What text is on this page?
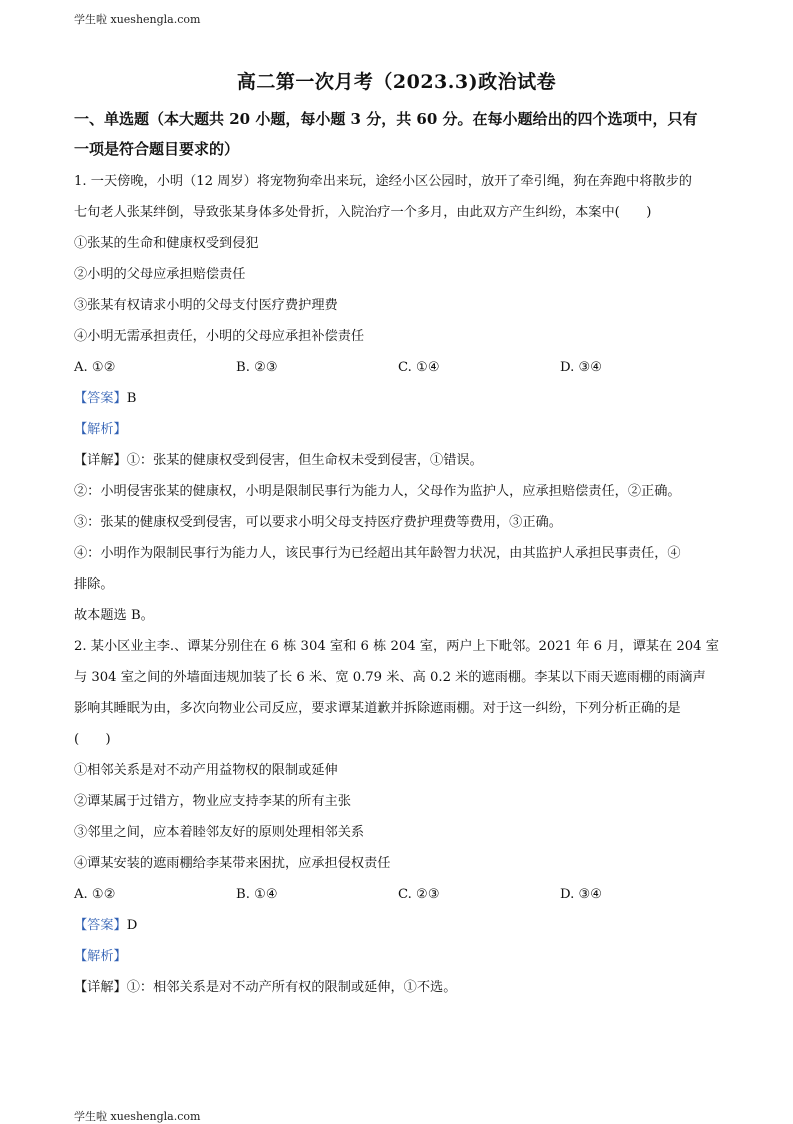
学生啦 xueshengla.com
高二第一次月考（2023.3)政治试卷
一、单选题（本大题共 20 小题，每小题 3 分，共 60 分。在每小题给出的四个选项中，只有
一项是符合题目要求的）

1. 一天傍晚，小明（12 周岁）将宠物狗牵出来玩，途经小区公园时，放开了牵引绳，狗在奔跑中将散步的

七旬老人张某绊倒，导致张某身体多处骨折，入院治疗一个多月，由此双方产生纠纷，本案中(　　)

①张某的生命和健康权受到侵犯

②小明的父母应承担赔偿责任

③张某有权请求小明的父母支付医疗费护理费

④小明无需承担责任，小明的父母应承担补偿责任

A. ①②	B. ②③	C. ①④	D. ③④

【答案】B

【解析】

【详解】①：张某的健康权受到侵害，但生命权未受到侵害，①错误。

②：小明侵害张某的健康权，小明是限制民事行为能力人，父母作为监护人，应承担赔偿责任，②正确。

③：张某的健康权受到侵害，可以要求小明父母支持医疗费护理费等费用，③正确。

④：小明作为限制民事行为能力人，该民事行为已经超出其年龄智力状况，由其监护人承担民事责任，④

排除。

故本题选 B。

2. 某小区业主李.、谭某分别住在 6 栋 304 室和 6 栋 204 室，两户上下毗邻。2021 年 6 月，谭某在 204 室

与 304 室之间的外墙面违规加装了长 6 米、宽 0.79 米、高 0.2 米的遮雨棚。李某以下雨天遮雨棚的雨滴声

影响其睡眠为由，多次向物业公司反应，要求谭某道歉并拆除遮雨棚。对于这一纠纷，下列分析正确的是

(　　)

①相邻关系是对不动产用益物权的限制或延伸

②谭某属于过错方，物业应支持李某的所有主张

③邻里之间，应本着睦邻友好的原则处理相邻关系

④谭某安装的遮雨棚给李某带来困扰，应承担侵权责任

A. ①②	B. ①④	C. ②③	D. ③④

【答案】D

【解析】

【详解】①：相邻关系是对不动产所有权的限制或延伸，①不选。

学生啦 xueshengla.com
